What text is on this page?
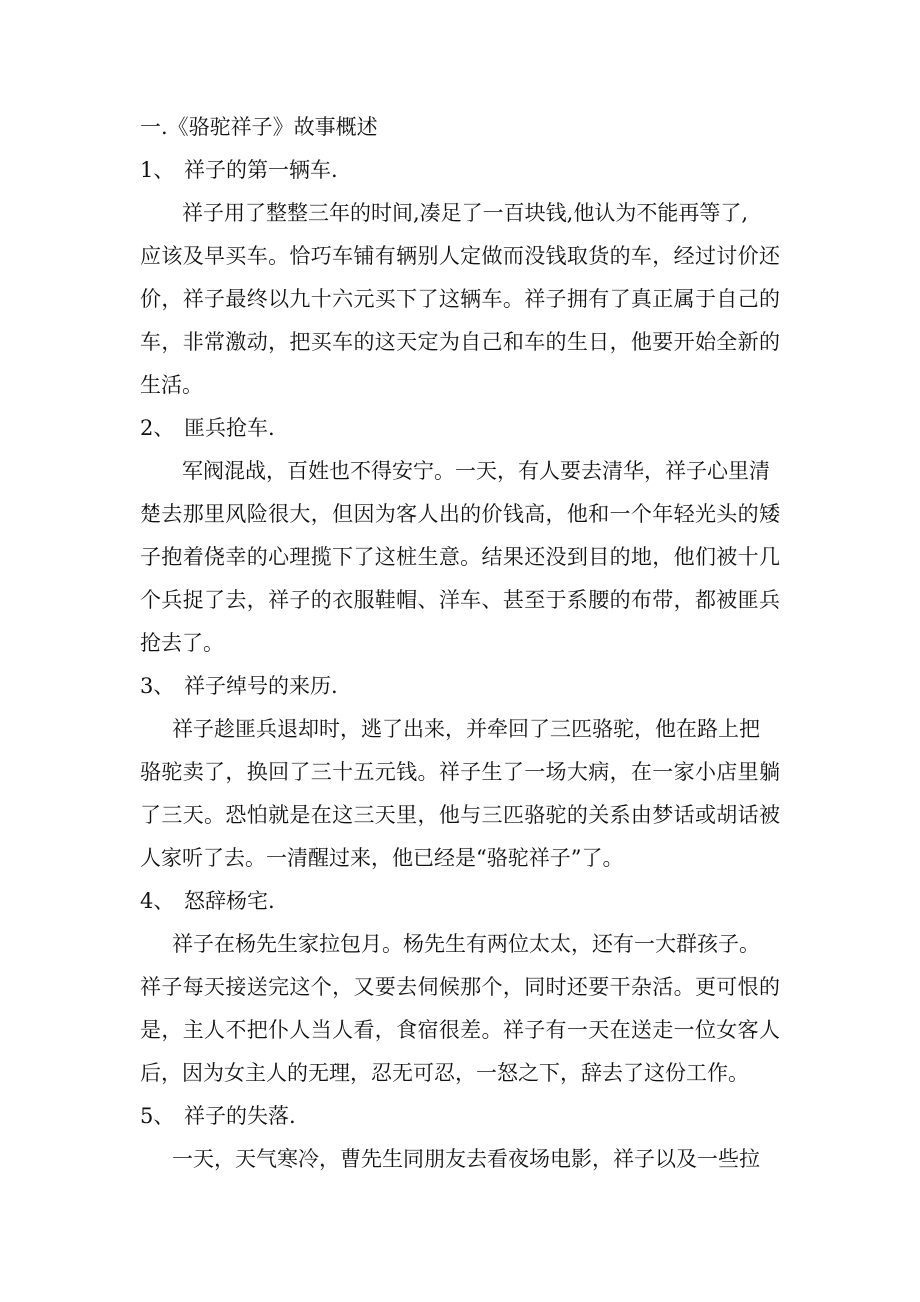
一.《骆驼祥子》故事概述
1、 祥子的第一辆车.
祥子用了整整三年的时间,凑足了一百块钱,他认为不能再等了,
应该及早买车。恰巧车铺有辆别人定做而没钱取货的车，经过讨价还
价，祥子最终以九十六元买下了这辆车。祥子拥有了真正属于自己的
车，非常激动，把买车的这天定为自己和车的生日，他要开始全新的
生活。
2、 匪兵抢车.
军阀混战，百姓也不得安宁。一天，有人要去清华，祥子心里清
楚去那里风险很大，但因为客人出的价钱高，他和一个年轻光头的矮
子抱着侥幸的心理揽下了这桩生意。结果还没到目的地，他们被十几
个兵捉了去，祥子的衣服鞋帽、洋车、甚至于系腰的布带，都被匪兵
抢去了。
3、 祥子绰号的来历.
祥子趁匪兵退却时，逃了出来，并牵回了三匹骆驼，他在路上把
骆驼卖了，换回了三十五元钱。祥子生了一场大病，在一家小店里躺
了三天。恐怕就是在这三天里，他与三匹骆驼的关系由梦话或胡话被
人家听了去。一清醒过来，他已经是“骆驼祥子”了。
4、 怒辞杨宅.
祥子在杨先生家拉包月。杨先生有两位太太，还有一大群孩子。
祥子每天接送完这个，又要去伺候那个，同时还要干杂活。更可恨的
是，主人不把仆人当人看，食宿很差。祥子有一天在送走一位女客人
后，因为女主人的无理，忍无可忍，一怒之下，辞去了这份工作。
5、 祥子的失落.
一天，天气寒冷，曹先生同朋友去看夜场电影，祥子以及一些拉
